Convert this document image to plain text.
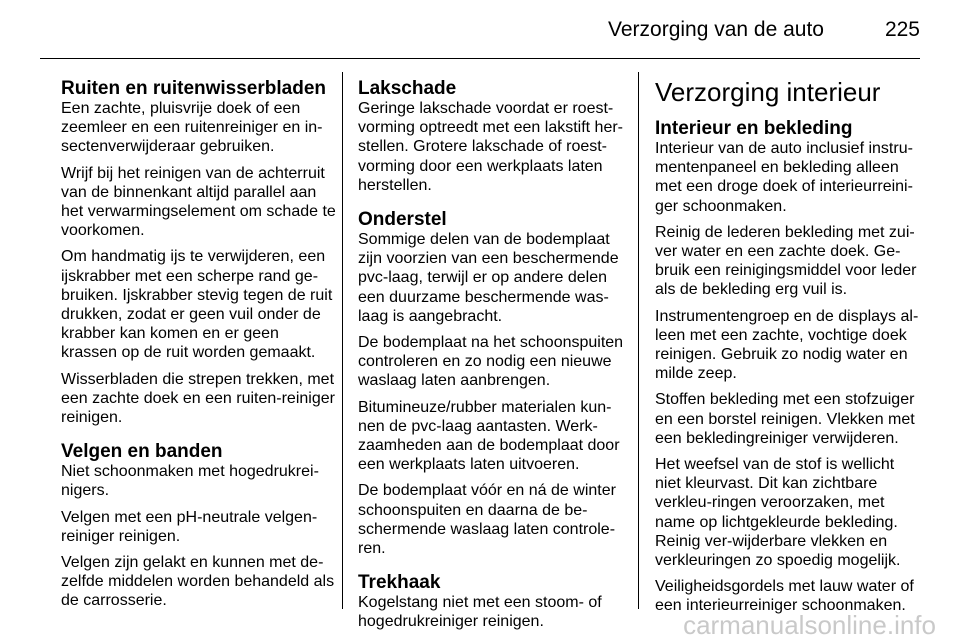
Verzorging van de auto	225
Ruiten en ruitenwisserbladen

Een zachte, pluisvrije doek of een zeemleer en een ruitenreiniger en in-sectenverwijderaar gebruiken.

Wrijf bij het reinigen van de achterruit van de binnenkant altijd parallel aan het verwarmingselement om schade te voorkomen.

Om handmatig ijs te verwijderen, een ijskrabber met een scherpe rand ge-bruiken. Ijskrabber stevig tegen de ruit drukken, zodat er geen vuil onder de krabber kan komen en er geen krassen op de ruit worden gemaakt.

Wisserbladen die strepen trekken, met een zachte doek en een ruiten-reiniger reinigen.

Velgen en banden

Niet schoonmaken met hogedrukrei-nigers.

Velgen met een pH-neutrale velgen-reiniger reinigen.

Velgen zijn gelakt en kunnen met de-zelfde middelen worden behandeld als de carrosserie.

Lakschade

Geringe lakschade voordat er roest-vorming optreedt met een lakstift her-stellen. Grotere lakschade of roest-vorming door een werkplaats laten herstellen.

Onderstel

Sommige delen van de bodemplaat zijn voorzien van een beschermende pvc-laag, terwijl er op andere delen een duurzame beschermende was-laag is aangebracht.

De bodemplaat na het schoonspuiten controleren en zo nodig een nieuwe waslaag laten aanbrengen.

Bitumineuze/rubber materialen kun-nen de pvc-laag aantasten. Werk-zaamheden aan de bodemplaat door een werkplaats laten uitvoeren.

De bodemplaat vóór en ná de winter schoonspuiten en daarna de be-schermende waslaag laten controle-ren.

Trekhaak

Kogelstang niet met een stoom- of hogedrukreiniger reinigen.

Verzorging interieur
Interieur en bekleding

Interieur van de auto inclusief instru-mentenpaneel en bekleding alleen met een droge doek of interieurreini-ger schoonmaken.

Reinig de lederen bekleding met zui-ver water en een zachte doek. Ge-bruik een reinigingsmiddel voor leder als de bekleding erg vuil is.

Instrumentengroep en de displays al-leen met een zachte, vochtige doek reinigen. Gebruik zo nodig water en milde zeep.

Stoffen bekleding met een stofzuiger en een borstel reinigen. Vlekken met een bekledingreiniger verwijderen.

Het weefsel van de stof is wellicht niet kleurvast. Dit kan zichtbare verkleu-ringen veroorzaken, met name op lichtgekleurde bekleding. Reinig ver-wijderbare vlekken en verkleuringen zo spoedig mogelijk.

Veiligheidsgordels met lauw water of een interieurreiniger schoonmaken.

carmanualsonline.info
